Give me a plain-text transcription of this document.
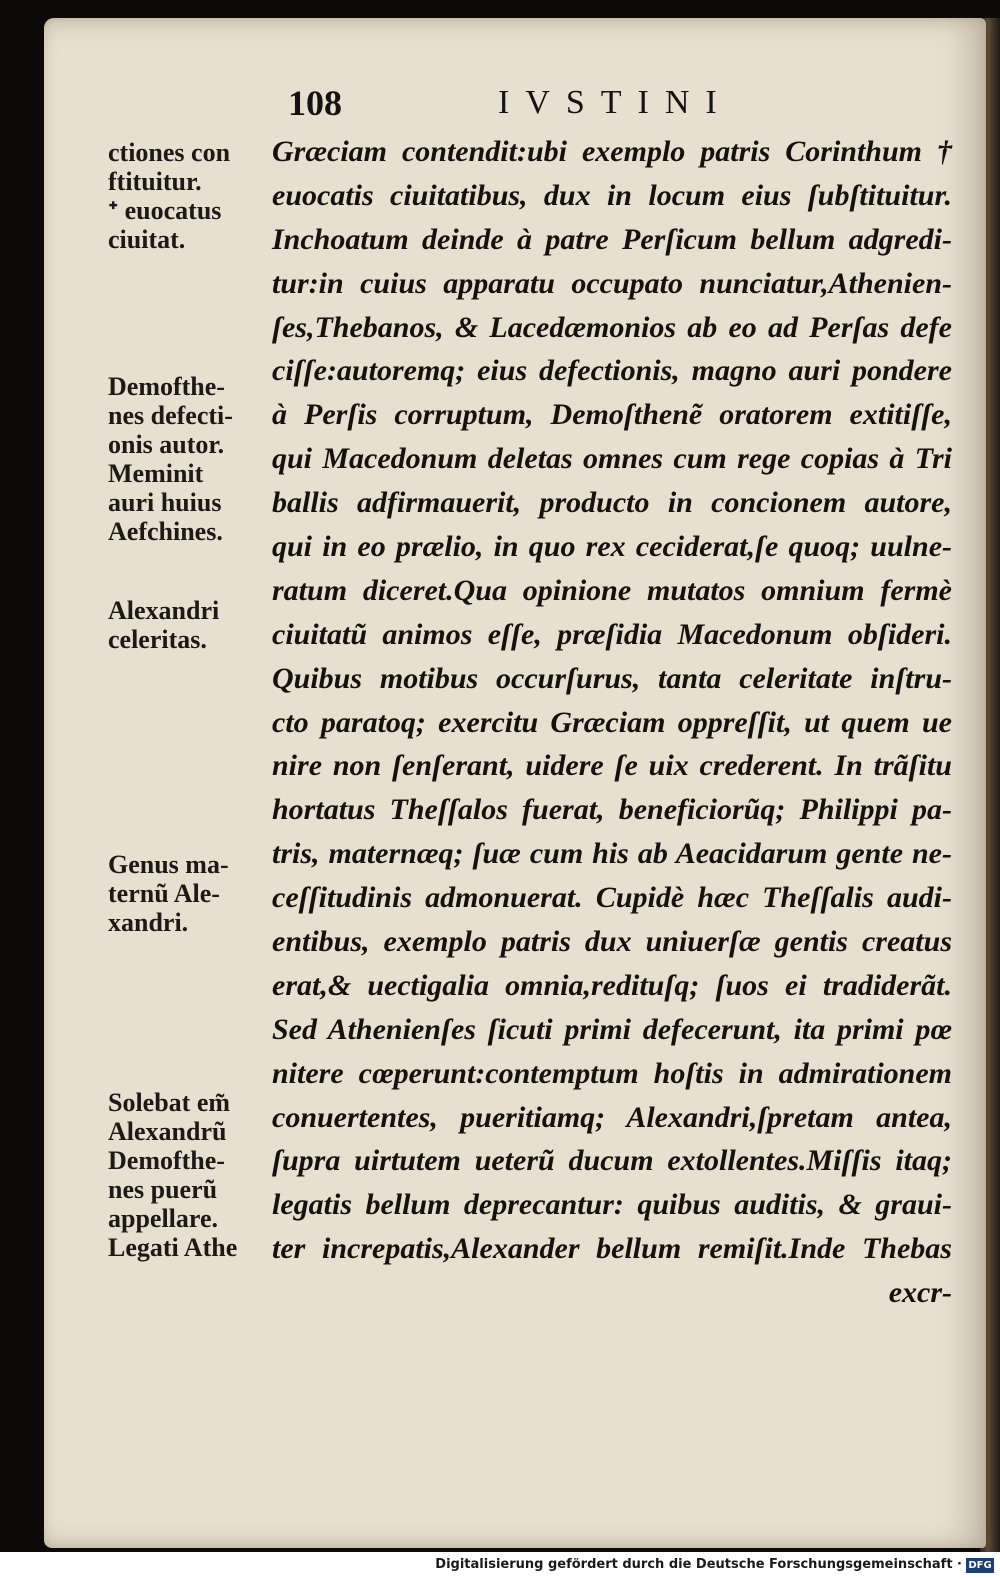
108	IVSTINI
ctiones con
ftituitur.
ᐩ euocatus
ciuitat.
Demofthe-
nes defecti-
onis autor.
Meminit
auri huius
Aefchines.
Alexandri
celeritas.
Genus ma-
ternũ Ale-
xandri.
Solebat em̃
Alexandrũ
Demofthe-
nes puerũ
appellare.
Legati Athe
Græciam contendit:ubi exemplo patris Corinthum †
euocatis ciuitatibus, dux in locum eius ſubſtituitur.
Inchoatum deinde à patre Perſicum bellum adgredi-
tur:in cuius apparatu occupato nunciatur,Athenien-
ſes,Thebanos, & Lacedæmonios ab eo ad Perſas defe
ciſſe:autoremq; eius defectionis, magno auri pondere
à Perſis corruptum, Demoſthenẽ oratorem extitiſſe,
qui Macedonum deletas omnes cum rege copias à Tri
ballis adfirmauerit, producto in concionem autore,
qui in eo prælio, in quo rex ceciderat,ſe quoq; uulne-
ratum diceret.Qua opinione mutatos omnium fermè
ciuitatũ animos eſſe, præſidia Macedonum obſideri.
Quibus motibus occurſurus, tanta celeritate inſtru-
cto paratoq; exercitu Græciam oppreſſit, ut quem ue
nire non ſenſerant, uidere ſe uix crederent. In trãſitu
hortatus Theſſalos fuerat, beneficiorũq; Philippi pa-
tris, maternæq; ſuæ cum his ab Aeacidarum gente ne-
ceſſitudinis admonuerat. Cupidè hæc Theſſalis audi-
entibus, exemplo patris dux uniuerſæ gentis creatus
erat,& uectigalia omnia,redituſq; ſuos ei tradiderãt.
Sed Athenienſes ſicuti primi defecerunt, ita primi pœ
nitere cœperunt:contemptum hoſtis in admirationem
conuertentes, pueritiamq; Alexandri,ſpretam antea,
ſupra uirtutem ueterũ ducum extollentes.Miſſis itaq;
legatis bellum deprecantur: quibus auditis, & graui-
ter increpatis,Alexander bellum remiſit.Inde Thebas
excr-
Digitalisierung gefördert durch die Deutsche Forschungsgemeinschaft · DFG
